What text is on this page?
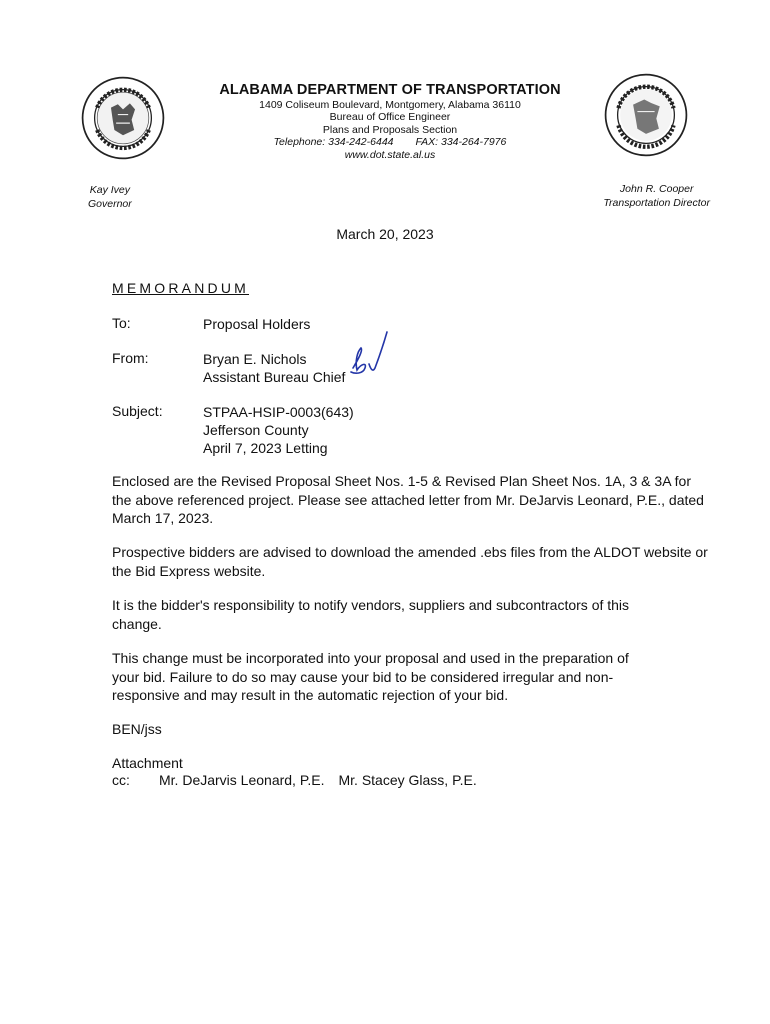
ALABAMA DEPARTMENT OF TRANSPORTATION
1409 Coliseum Boulevard, Montgomery, Alabama 36110
Bureau of Office Engineer
Plans and Proposals Section
Telephone: 334-242-6444 FAX: 334-264-7976
www.dot.state.al.us
Kay Ivey
Governor
John R. Cooper
Transportation Director
March 20, 2023
MEMORANDUM
To:	Proposal Holders
From:	Bryan E. Nichols
Assistant Bureau Chief
Subject:	STPAA-HSIP-0003(643)
Jefferson County
April 7, 2023 Letting

Enclosed are the Revised Proposal Sheet Nos. 1-5 & Revised Plan Sheet Nos. 1A, 3 & 3A for the above referenced project. Please see attached letter from Mr. DeJarvis Leonard, P.E., dated March 17, 2023.

Prospective bidders are advised to download the amended .ebs files from the ALDOT website or the Bid Express website.

It is the bidder's responsibility to notify vendors, suppliers and subcontractors of this change.

This change must be incorporated into your proposal and used in the preparation of your bid. Failure to do so may cause your bid to be considered irregular and non-responsive and may result in the automatic rejection of your bid.

BEN/jss
Attachment
cc: Mr. DeJarvis Leonard, P.E. Mr. Stacey Glass, P.E.
